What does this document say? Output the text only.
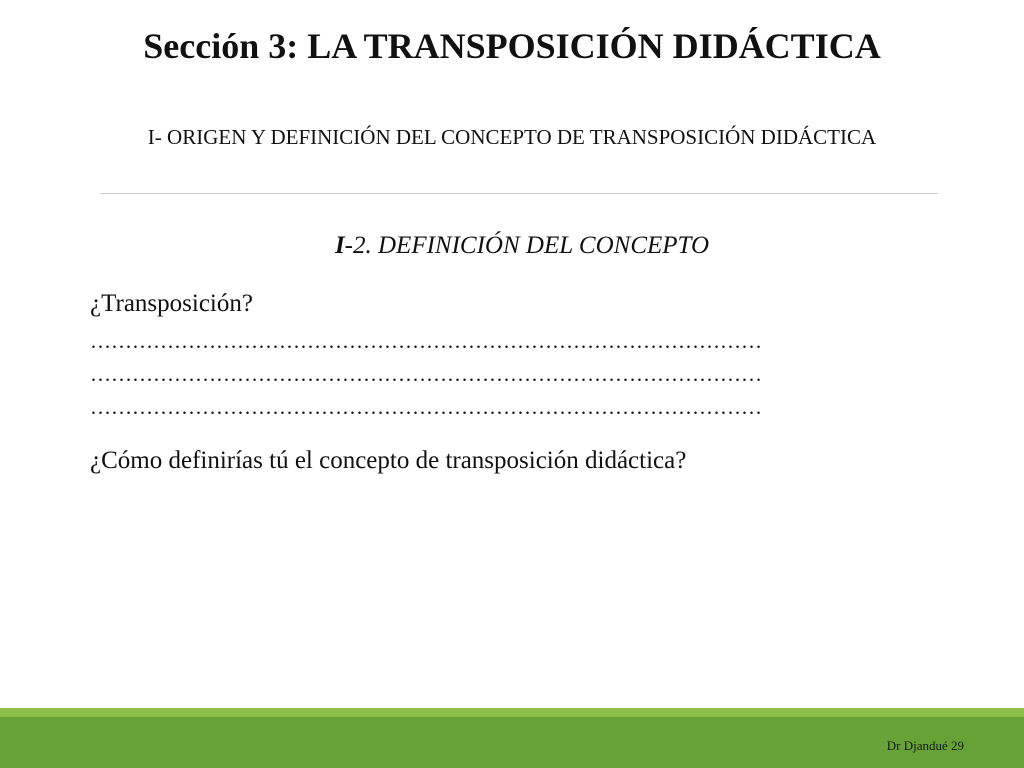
Sección 3: LA TRANSPOSICIÓN DIDÁCTICA
I- ORIGEN Y DEFINICIÓN DEL CONCEPTO DE TRANSPOSICIÓN DIDÁCTICA
I-2. DEFINICIÓN DEL CONCEPTO
¿Transposición?
……………………………………………………………………………………
……………………………………………………………………………………
……………………………………………………………………………………
¿Cómo definirías tú el concepto de transposición didáctica?
Dr Djandué 29
